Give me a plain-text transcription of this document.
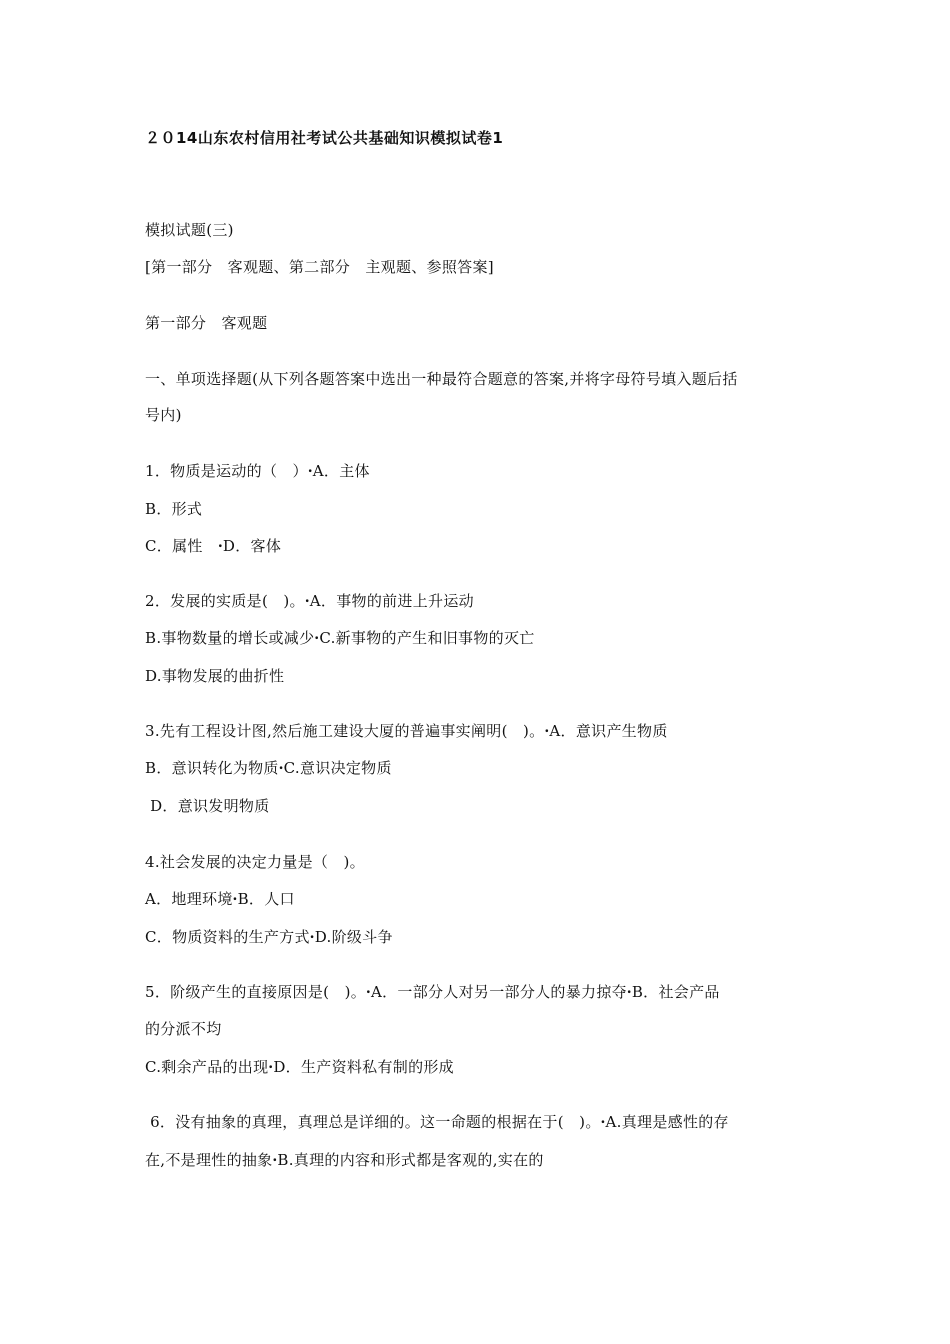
２０14山东农村信用社考试公共基础知识模拟试卷1
模拟试题(三)
[第一部分　客观题、第二部分　主观题、参照答案]
第一部分　客观题
一、单项选择题(从下列各题答案中选出一种最符合题意的答案,并将字母符号填入题后括
号内)
1．物质是运动的（　）ꞏA．主体
B．形式
C．属性　ꞏD．客体
2．发展的实质是(　)。ꞏA．事物的前进上升运动
B.事物数量的增长或减少ꞏC.新事物的产生和旧事物的灭亡
D.事物发展的曲折性
3.先有工程设计图,然后施工建设大厦的普遍事实阐明(　)。ꞏA．意识产生物质
B．意识转化为物质ꞏC.意识决定物质
D．意识发明物质
4.社会发展的决定力量是（　)。
A．地理环境ꞏB．人口
C．物质资料的生产方式ꞏD.阶级斗争
5．阶级产生的直接原因是(　)。ꞏA．一部分人对另一部分人的暴力掠夺ꞏB．社会产品
的分派不均
C.剩余产品的出现ꞏD．生产资料私有制的形成
6．没有抽象的真理，真理总是详细的。这一命题的根据在于(　)。ꞏA.真理是感性的存
在,不是理性的抽象ꞏB.真理的内容和形式都是客观的,实在的
